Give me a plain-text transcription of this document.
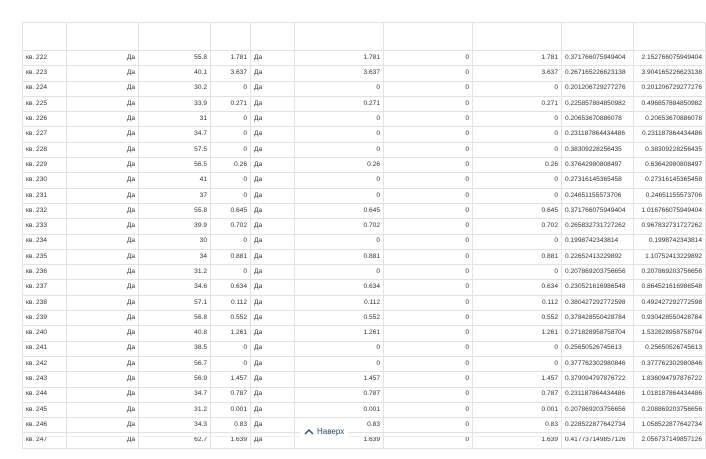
кв. 222	Да	55.8	1.781	Да	1.781	0	1.781	0.371766075949404	2.152766075949404
кв. 223	Да	40.1	3.637	Да	3.637	0	3.637	0.267165226623138	3.904165226623138
кв. 224	Да	30.2	0	Да	0	0	0	0.201206729277276	0.201206729277276
кв. 225	Да	33.9	0.271	Да	0.271	0	0.271	0.225857884850982	0.496857884850982
кв. 226	Да	31	0	Да	0	0	0	0.20653670886078	0.20653670886078
кв. 227	Да	34.7	0	Да	0	0	0	0.231187864434486	0.231187864434486
кв. 228	Да	57.5	0	Да	0	0	0	0.38309228256435	0.38309228256435
кв. 229	Да	56.5	0.26	Да	0.26	0	0.26	0.37642980808497	0.63642980808497
кв. 230	Да	41	0	Да	0	0	0	0.27316145365458	0.27316145365458
кв. 231	Да	37	0	Да	0	0	0	0.24651155573706	0.24651155573706
кв. 232	Да	55.8	0.645	Да	0.645	0	0.645	0.371766075949404	1.016766075949404
кв. 233	Да	39.9	0.702	Да	0.702	0	0.702	0.265832731727262	0.967832731727262
кв. 234	Да	30	0	Да	0	0	0	0.1998742343814	0.1998742343814
кв. 235	Да	34	0.881	Да	0.881	0	0.881	0.22652413229892	1.10752413229892
кв. 236	Да	31.2	0	Да	0	0	0	0.207869203756656	0.207869203756656
кв. 237	Да	34.6	0.634	Да	0.634	0	0.634	0.230521616986548	0.864521616986548
кв. 238	Да	57.1	0.112	Да	0.112	0	0.112	0.380427292772598	0.492427292772598
кв. 239	Да	56.8	0.552	Да	0.552	0	0.552	0.378428550428784	0.930428550428784
кв. 240	Да	40.8	1.261	Да	1.261	0	1.261	0.271828958758704	1.532828958758704
кв. 241	Да	38.5	0	Да	0	0	0	0.25650526745613	0.25650526745613
кв. 242	Да	56.7	0	Да	0	0	0	0.377762302980846	0.377762302980846
кв. 243	Да	56.9	1.457	Да	1.457	0	1.457	0.379094797876722	1.836094797876722
кв. 244	Да	34.7	0.787	Да	0.787	0	0.787	0.231187864434486	1.018187864434486
кв. 245	Да	31.2	0.001	Да	0.001	0	0.001	0.207869203756656	0.208869203756656
кв. 246	Да	34.3	0.83	Да	0.83	0	0.83	0.228522877642734	1.058522877642734
кв. 247	Да	62.7	1.639	Да	1.639	0	1.639	0.417737149857126	2.056737149857126
Наверх
